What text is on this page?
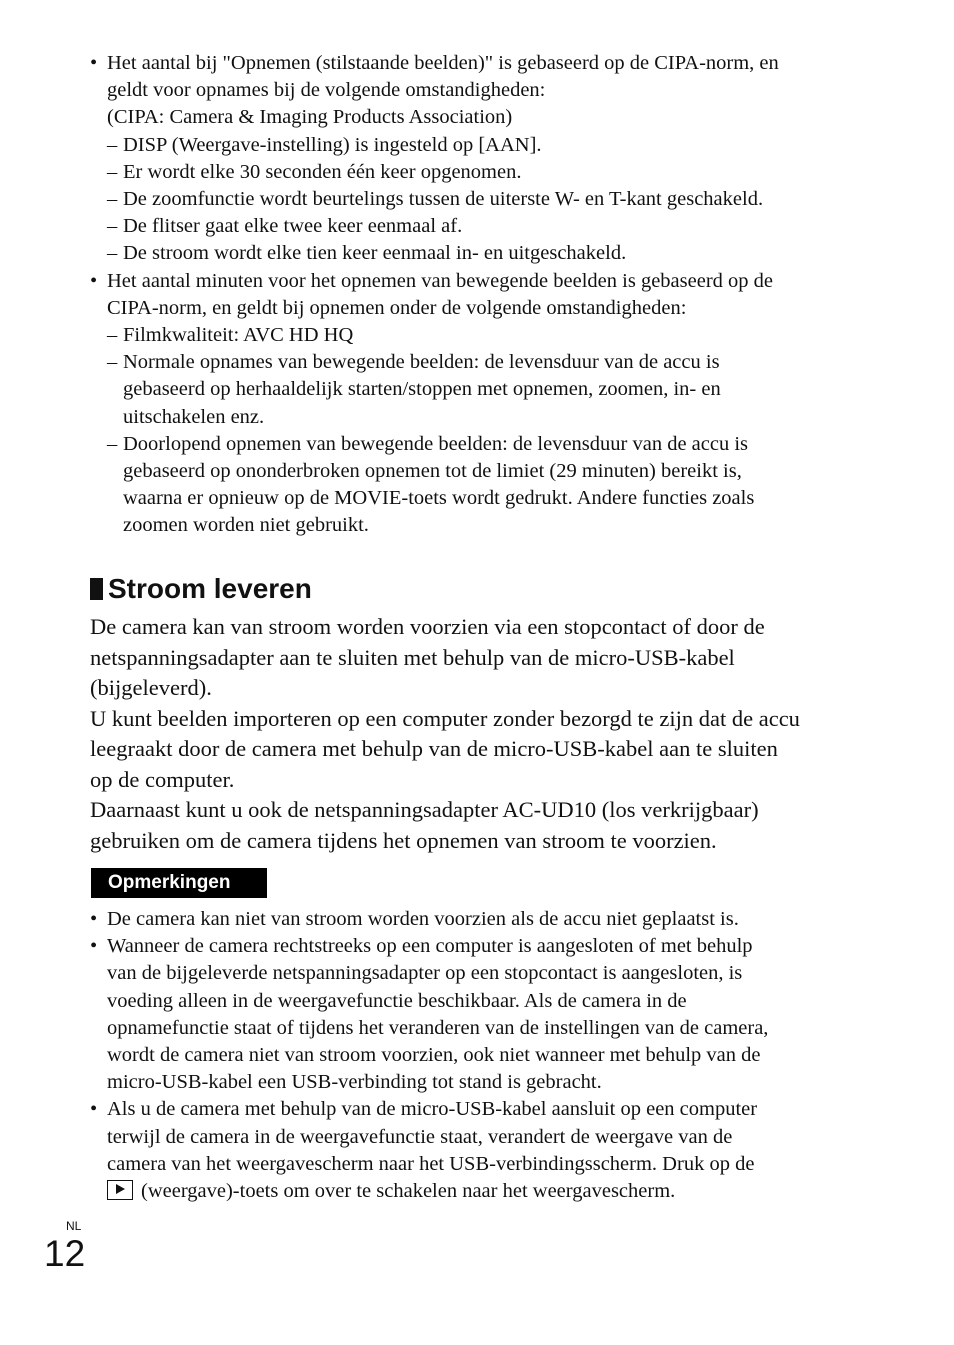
• Het aantal bij "Opnemen (stilstaande beelden)" is gebaseerd op de CIPA-norm, en
geldt voor opnames bij de volgende omstandigheden:
(CIPA: Camera & Imaging Products Association)
– DISP (Weergave-instelling) is ingesteld op [AAN].
– Er wordt elke 30 seconden één keer opgenomen.
– De zoomfunctie wordt beurtelings tussen de uiterste W- en T-kant geschakeld.
– De flitser gaat elke twee keer eenmaal af.
– De stroom wordt elke tien keer eenmaal in- en uitgeschakeld.
• Het aantal minuten voor het opnemen van bewegende beelden is gebaseerd op de
CIPA-norm, en geldt bij opnemen onder de volgende omstandigheden:
– Filmkwaliteit: AVC HD HQ
– Normale opnames van bewegende beelden: de levensduur van de accu is
gebaseerd op herhaaldelijk starten/stoppen met opnemen, zoomen, in- en
uitschakelen enz.
– Doorlopend opnemen van bewegende beelden: de levensduur van de accu is
gebaseerd op ononderbroken opnemen tot de limiet (29 minuten) bereikt is,
waarna er opnieuw op de MOVIE-toets wordt gedrukt. Andere functies zoals
zoomen worden niet gebruikt.
Stroom leveren
De camera kan van stroom worden voorzien via een stopcontact of door de
netspanningsadapter aan te sluiten met behulp van de micro-USB-kabel
(bijgeleverd).
U kunt beelden importeren op een computer zonder bezorgd te zijn dat de accu
leegraakt door de camera met behulp van de micro-USB-kabel aan te sluiten
op de computer.
Daarnaast kunt u ook de netspanningsadapter AC-UD10 (los verkrijgbaar)
gebruiken om de camera tijdens het opnemen van stroom te voorzien.
Opmerkingen
• De camera kan niet van stroom worden voorzien als de accu niet geplaatst is.
• Wanneer de camera rechtstreeks op een computer is aangesloten of met behulp
van de bijgeleverde netspanningsadapter op een stopcontact is aangesloten, is
voeding alleen in de weergavefunctie beschikbaar. Als de camera in de
opnamefunctie staat of tijdens het veranderen van de instellingen van de camera,
wordt de camera niet van stroom voorzien, ook niet wanneer met behulp van de
micro-USB-kabel een USB-verbinding tot stand is gebracht.
• Als u de camera met behulp van de micro-USB-kabel aansluit op een computer
terwijl de camera in de weergavefunctie staat, verandert de weergave van de
camera van het weergavescherm naar het USB-verbindingsscherm. Druk op de
(weergave)-toets om over te schakelen naar het weergavescherm.
NL
12
